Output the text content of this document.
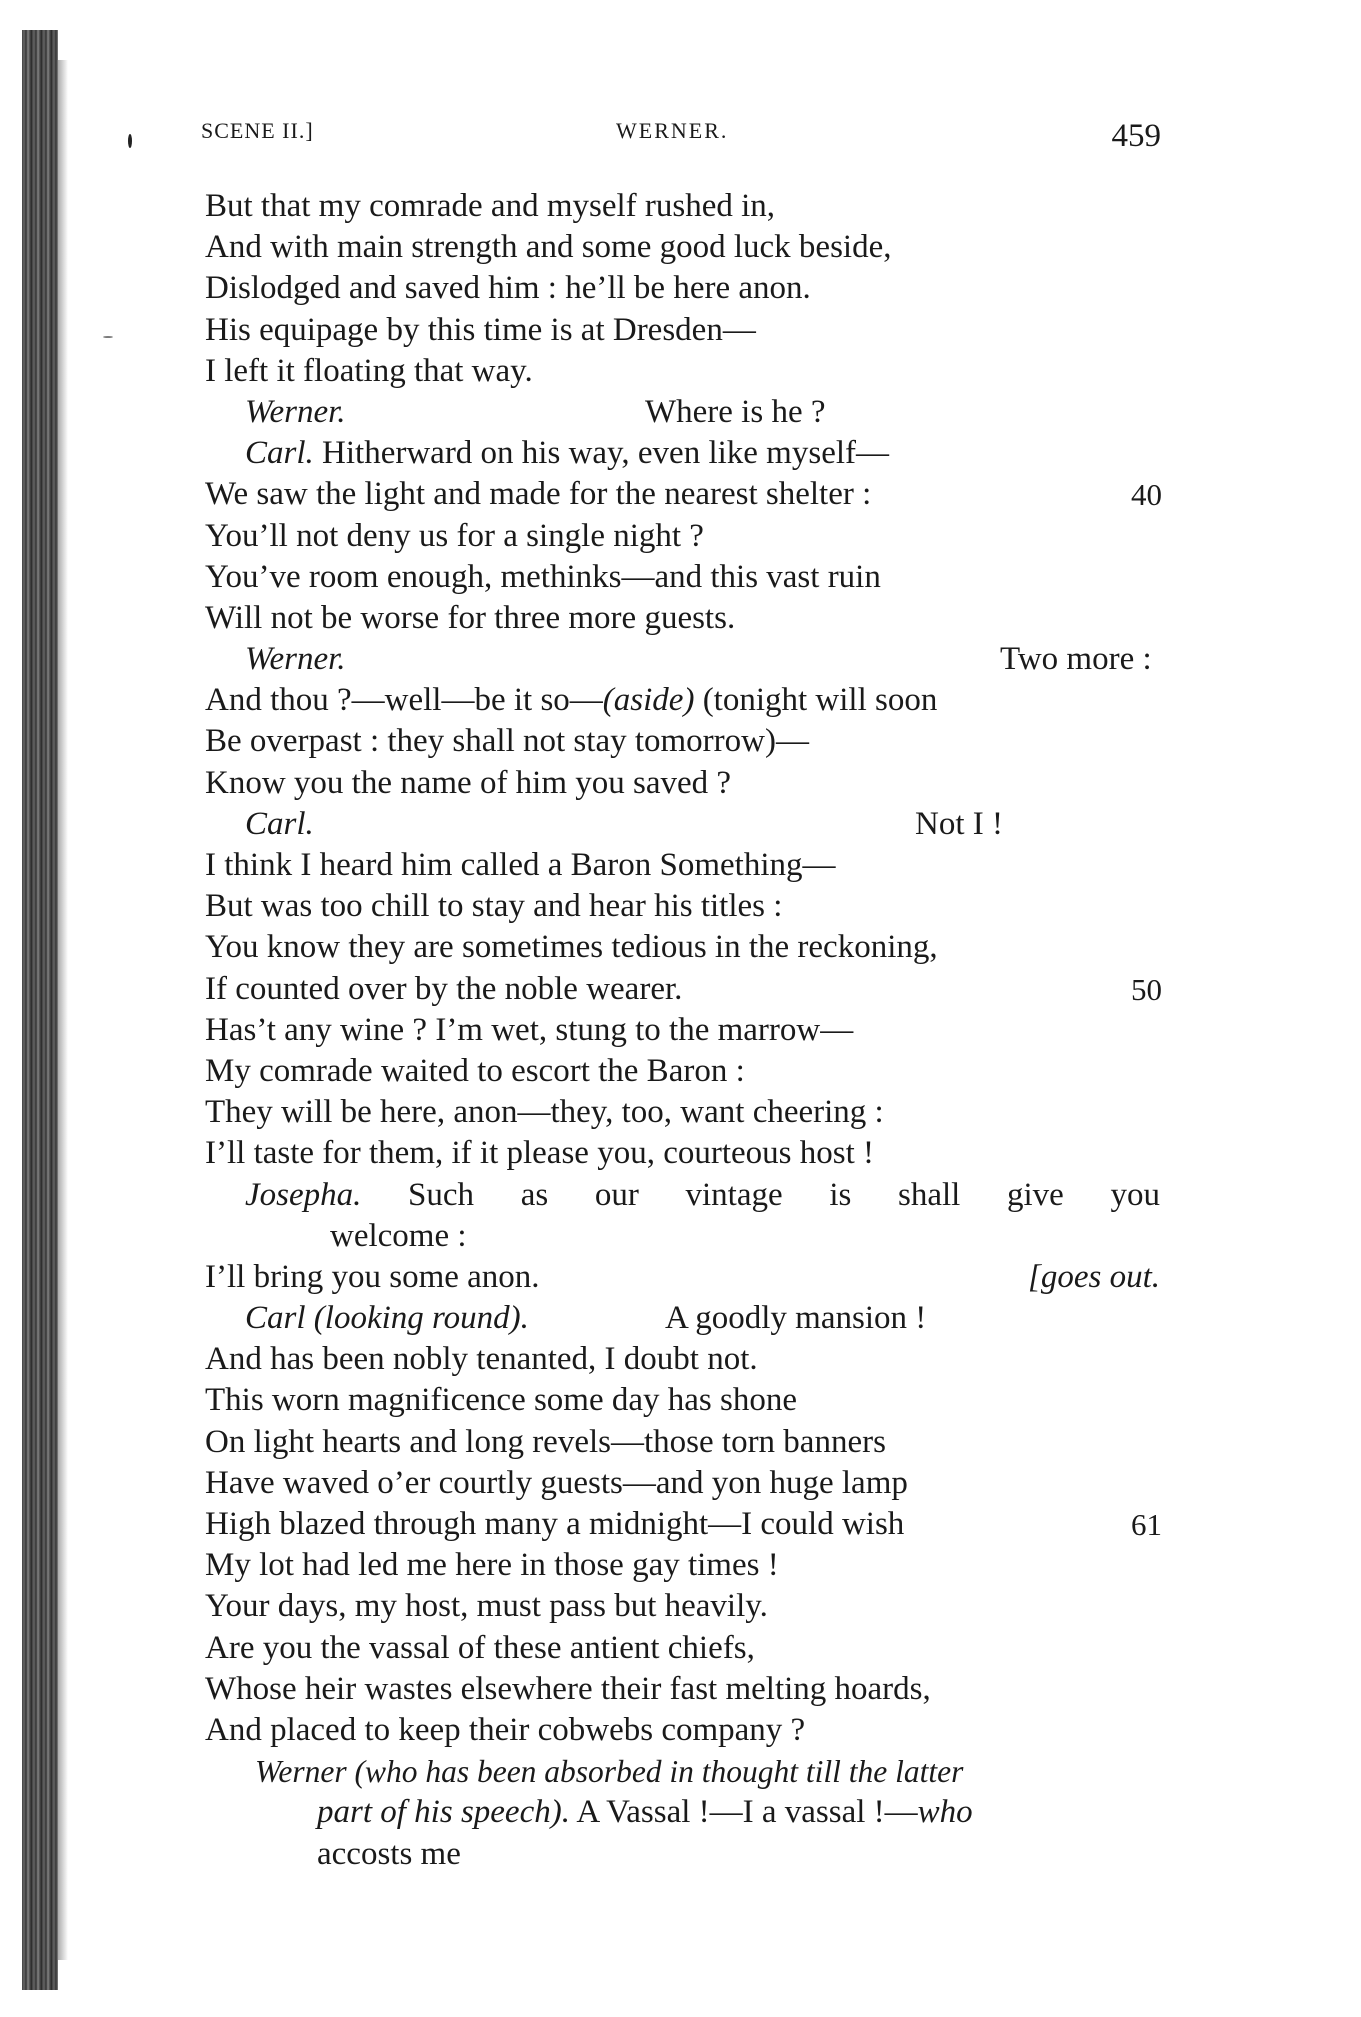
SCENE II.]	WERNER.	459
But that my comrade and myself rushed in,
And with main strength and some good luck beside,
Dislodged and saved him : he’ll be here anon.
His equipage by this time is at Dresden—
I left it floating that way.
Werner.	Where is he ?
Carl. Hitherward on his way, even like myself—
We saw the light and made for the nearest shelter :	40
You’ll not deny us for a single night ?
You’ve room enough, methinks—and this vast ruin
Will not be worse for three more guests.
Werner.	Two more :
And thou ?—well—be it so—(aside) (tonight will soon
Be overpast : they shall not stay tomorrow)—
Know you the name of him you saved ?
Carl.	Not I !
I think I heard him called a Baron Something—
But was too chill to stay and hear his titles :
You know they are sometimes tedious in the reckoning,
If counted over by the noble wearer.	50
Has’t any wine ? I’m wet, stung to the marrow—
My comrade waited to escort the Baron :
They will be here, anon—they, too, want cheering :
I’ll taste for them, if it please you, courteous host !
Josepha. Such as our vintage is shall give you
welcome :
I’ll bring you some anon.	[goes out.
Carl (looking round).	A goodly mansion !
And has been nobly tenanted, I doubt not.
This worn magnificence some day has shone
On light hearts and long revels—those torn banners
Have waved o’er courtly guests—and yon huge lamp
High blazed through many a midnight—I could wish	61
My lot had led me here in those gay times !
Your days, my host, must pass but heavily.
Are you the vassal of these antient chiefs,
Whose heir wastes elsewhere their fast melting hoards,
And placed to keep their cobwebs company ?
Werner (who has been absorbed in thought till the latter
part of his speech). A Vassal !—I a vassal !—who
accosts me
